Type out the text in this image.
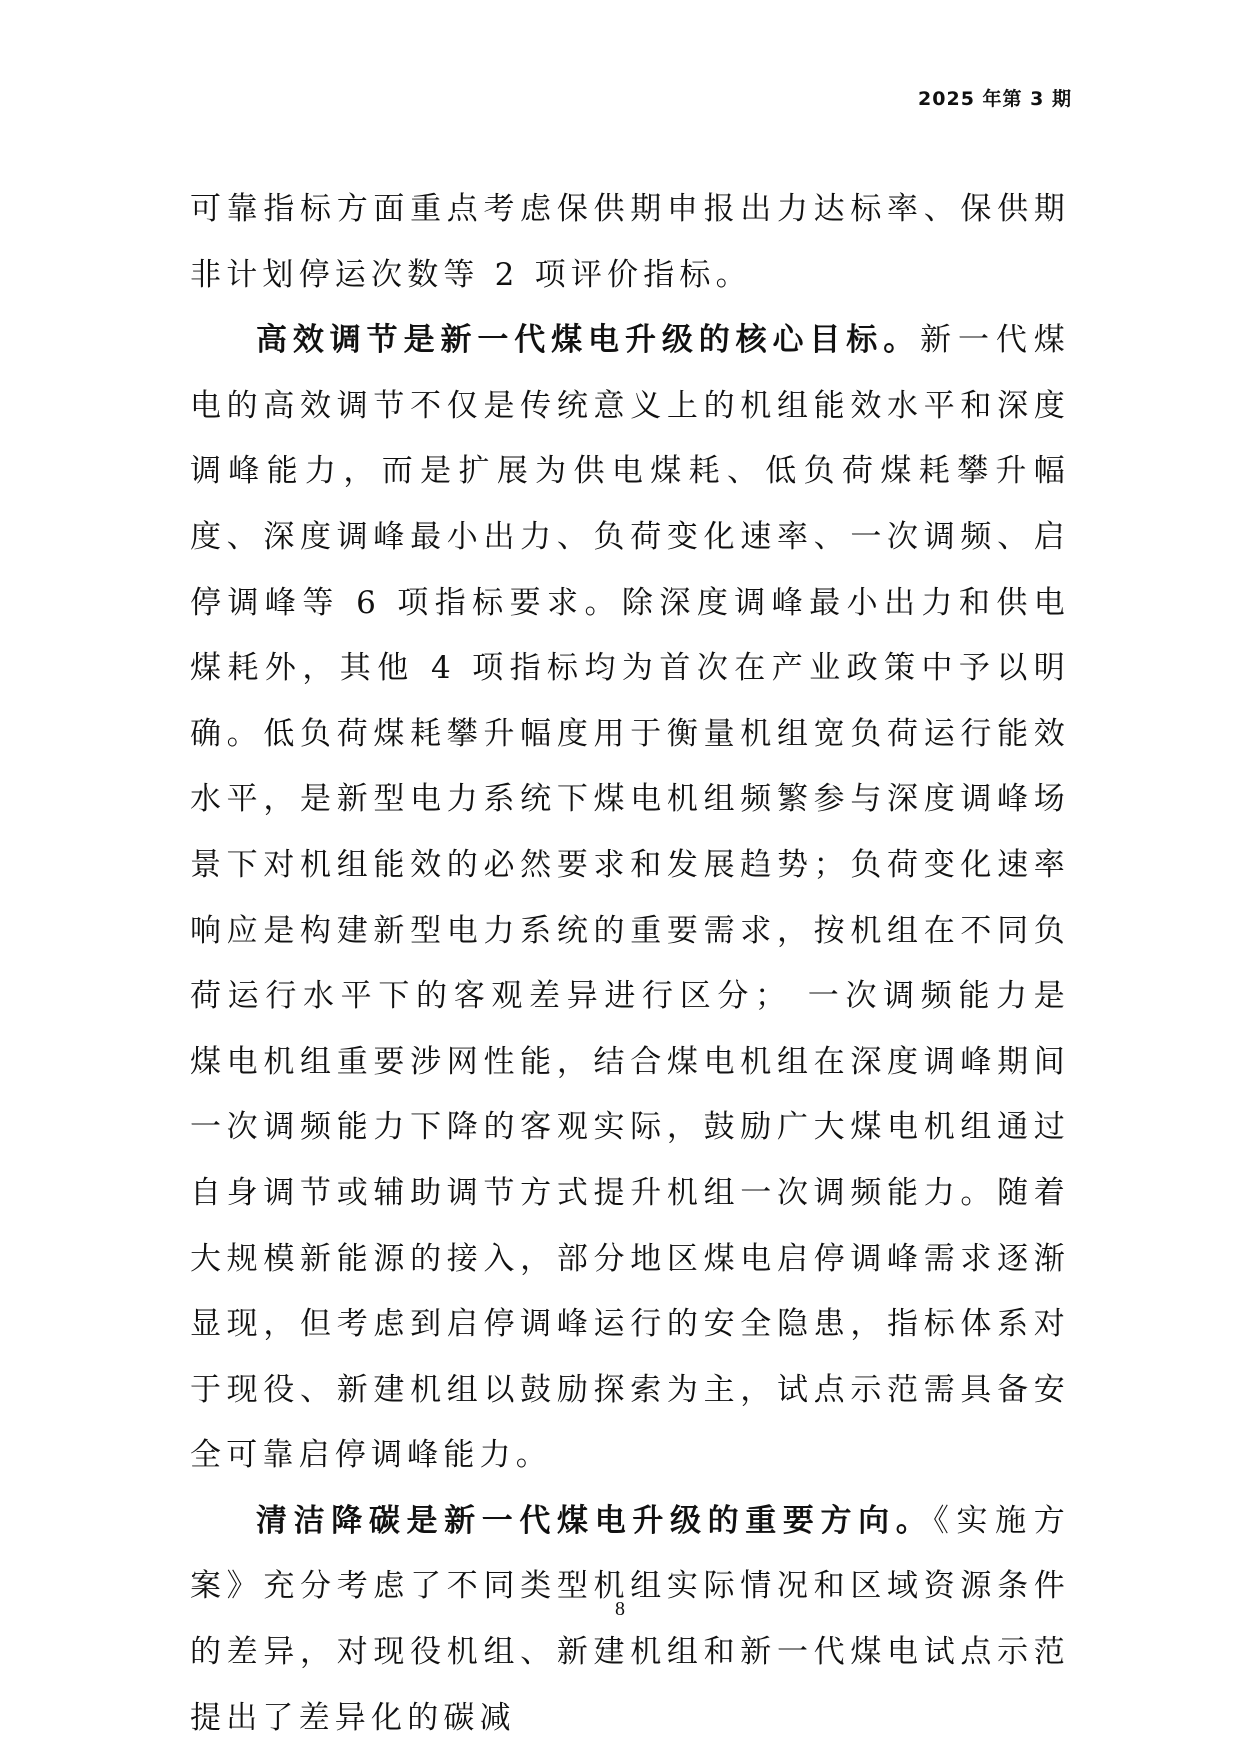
2025 年第 3 期

可靠指标方面重点考虑保供期申报出力达标率、保供期非计划停运次数等 2 项评价指标。

高效调节是新一代煤电升级的核心目标。新一代煤电的高效调节不仅是传统意义上的机组能效水平和深度调峰能力，而是扩展为供电煤耗、低负荷煤耗攀升幅度、深度调峰最小出力、负荷变化速率、一次调频、启停调峰等 6 项指标要求。除深度调峰最小出力和供电煤耗外，其他 4 项指标均为首次在产业政策中予以明确。低负荷煤耗攀升幅度用于衡量机组宽负荷运行能效水平，是新型电力系统下煤电机组频繁参与深度调峰场景下对机组能效的必然要求和发展趋势；负荷变化速率响应是构建新型电力系统的重要需求，按机组在不同负荷运行水平下的客观差异进行区分； 一次调频能力是煤电机组重要涉网性能，结合煤电机组在深度调峰期间一次调频能力下降的客观实际，鼓励广大煤电机组通过自身调节或辅助调节方式提升机组一次调频能力。随着大规模新能源的接入，部分地区煤电启停调峰需求逐渐显现，但考虑到启停调峰运行的安全隐患，指标体系对于现役、新建机组以鼓励探索为主，试点示范需具备安全可靠启停调峰能力。

清洁降碳是新一代煤电升级的重要方向。《实施方案》充分考虑了不同类型机组实际情况和区域资源条件的差异，对现役机组、新建机组和新一代煤电试点示范提出了差异化的碳减

8
